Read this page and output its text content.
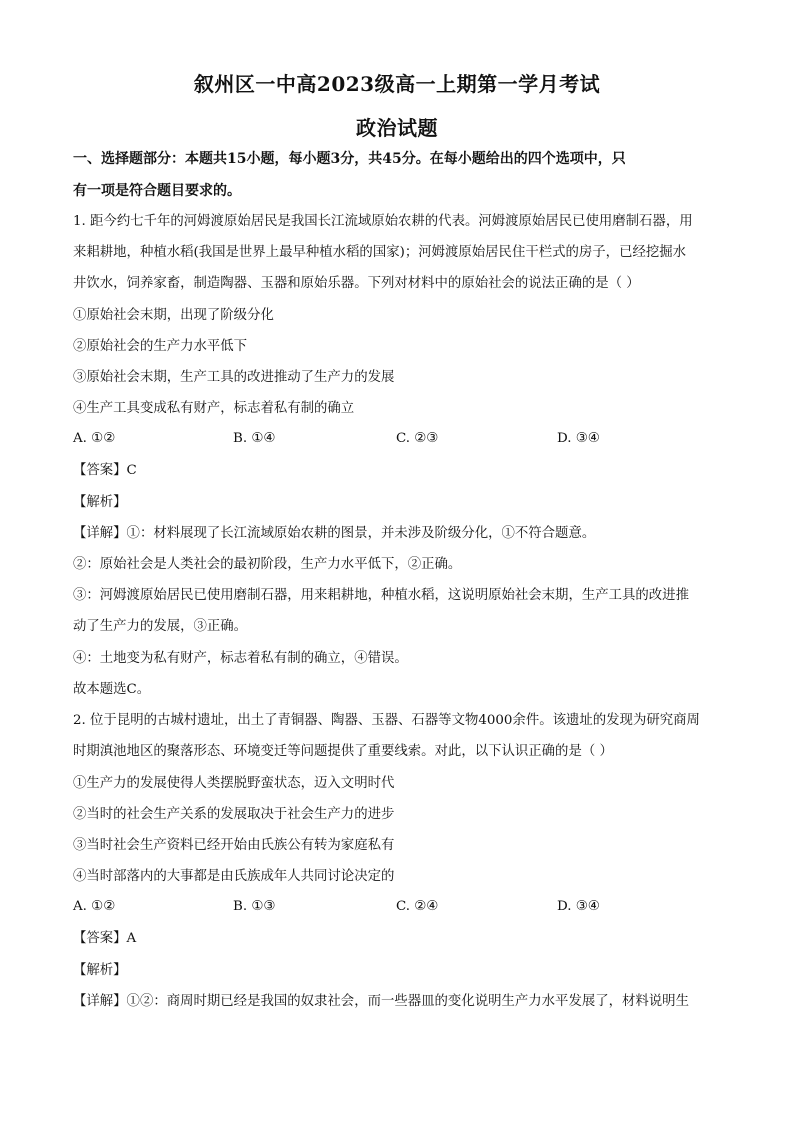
叙州区一中高2023级高一上期第一学月考试
政治试题
一、选择题部分：本题共15小题，每小题3分，共45分。在每小题给出的四个选项中，只
有一项是符合题目要求的。
1. 距今约七千年的河姆渡原始居民是我国长江流域原始农耕的代表。河姆渡原始居民已使用磨制石器，用
来耜耕地，种植水稻(我国是世界上最早种植水稻的国家)；河姆渡原始居民住干栏式的房子，已经挖掘水
井饮水，饲养家畜，制造陶器、玉器和原始乐器。下列对材料中的原始社会的说法正确的是（ ）
①原始社会末期，出现了阶级分化
②原始社会的生产力水平低下
③原始社会末期，生产工具的改进推动了生产力的发展
④生产工具变成私有财产，标志着私有制的确立
A. ①②	B. ①④	C. ②③	D. ③④
【答案】C
【解析】
【详解】①：材料展现了长江流域原始农耕的图景，并未涉及阶级分化，①不符合题意。
②：原始社会是人类社会的最初阶段，生产力水平低下，②正确。
③：河姆渡原始居民已使用磨制石器，用来耜耕地，种植水稻，这说明原始社会末期，生产工具的改进推
动了生产力的发展，③正确。
④：土地变为私有财产，标志着私有制的确立，④错误。
故本题选C。
2. 位于昆明的古城村遗址，出土了青铜器、陶器、玉器、石器等文物4000余件。该遗址的发现为研究商周
时期滇池地区的聚落形态、环境变迁等问题提供了重要线索。对此，以下认识正确的是（ ）
①生产力的发展使得人类摆脱野蛮状态，迈入文明时代
②当时的社会生产关系的发展取决于社会生产力的进步
③当时社会生产资料已经开始由氏族公有转为家庭私有
④当时部落内的大事都是由氏族成年人共同讨论决定的
A. ①②	B. ①③	C. ②④	D. ③④
【答案】A
【解析】
【详解】①②：商周时期已经是我国的奴隶社会，而一些器皿的变化说明生产力水平发展了，材料说明生
